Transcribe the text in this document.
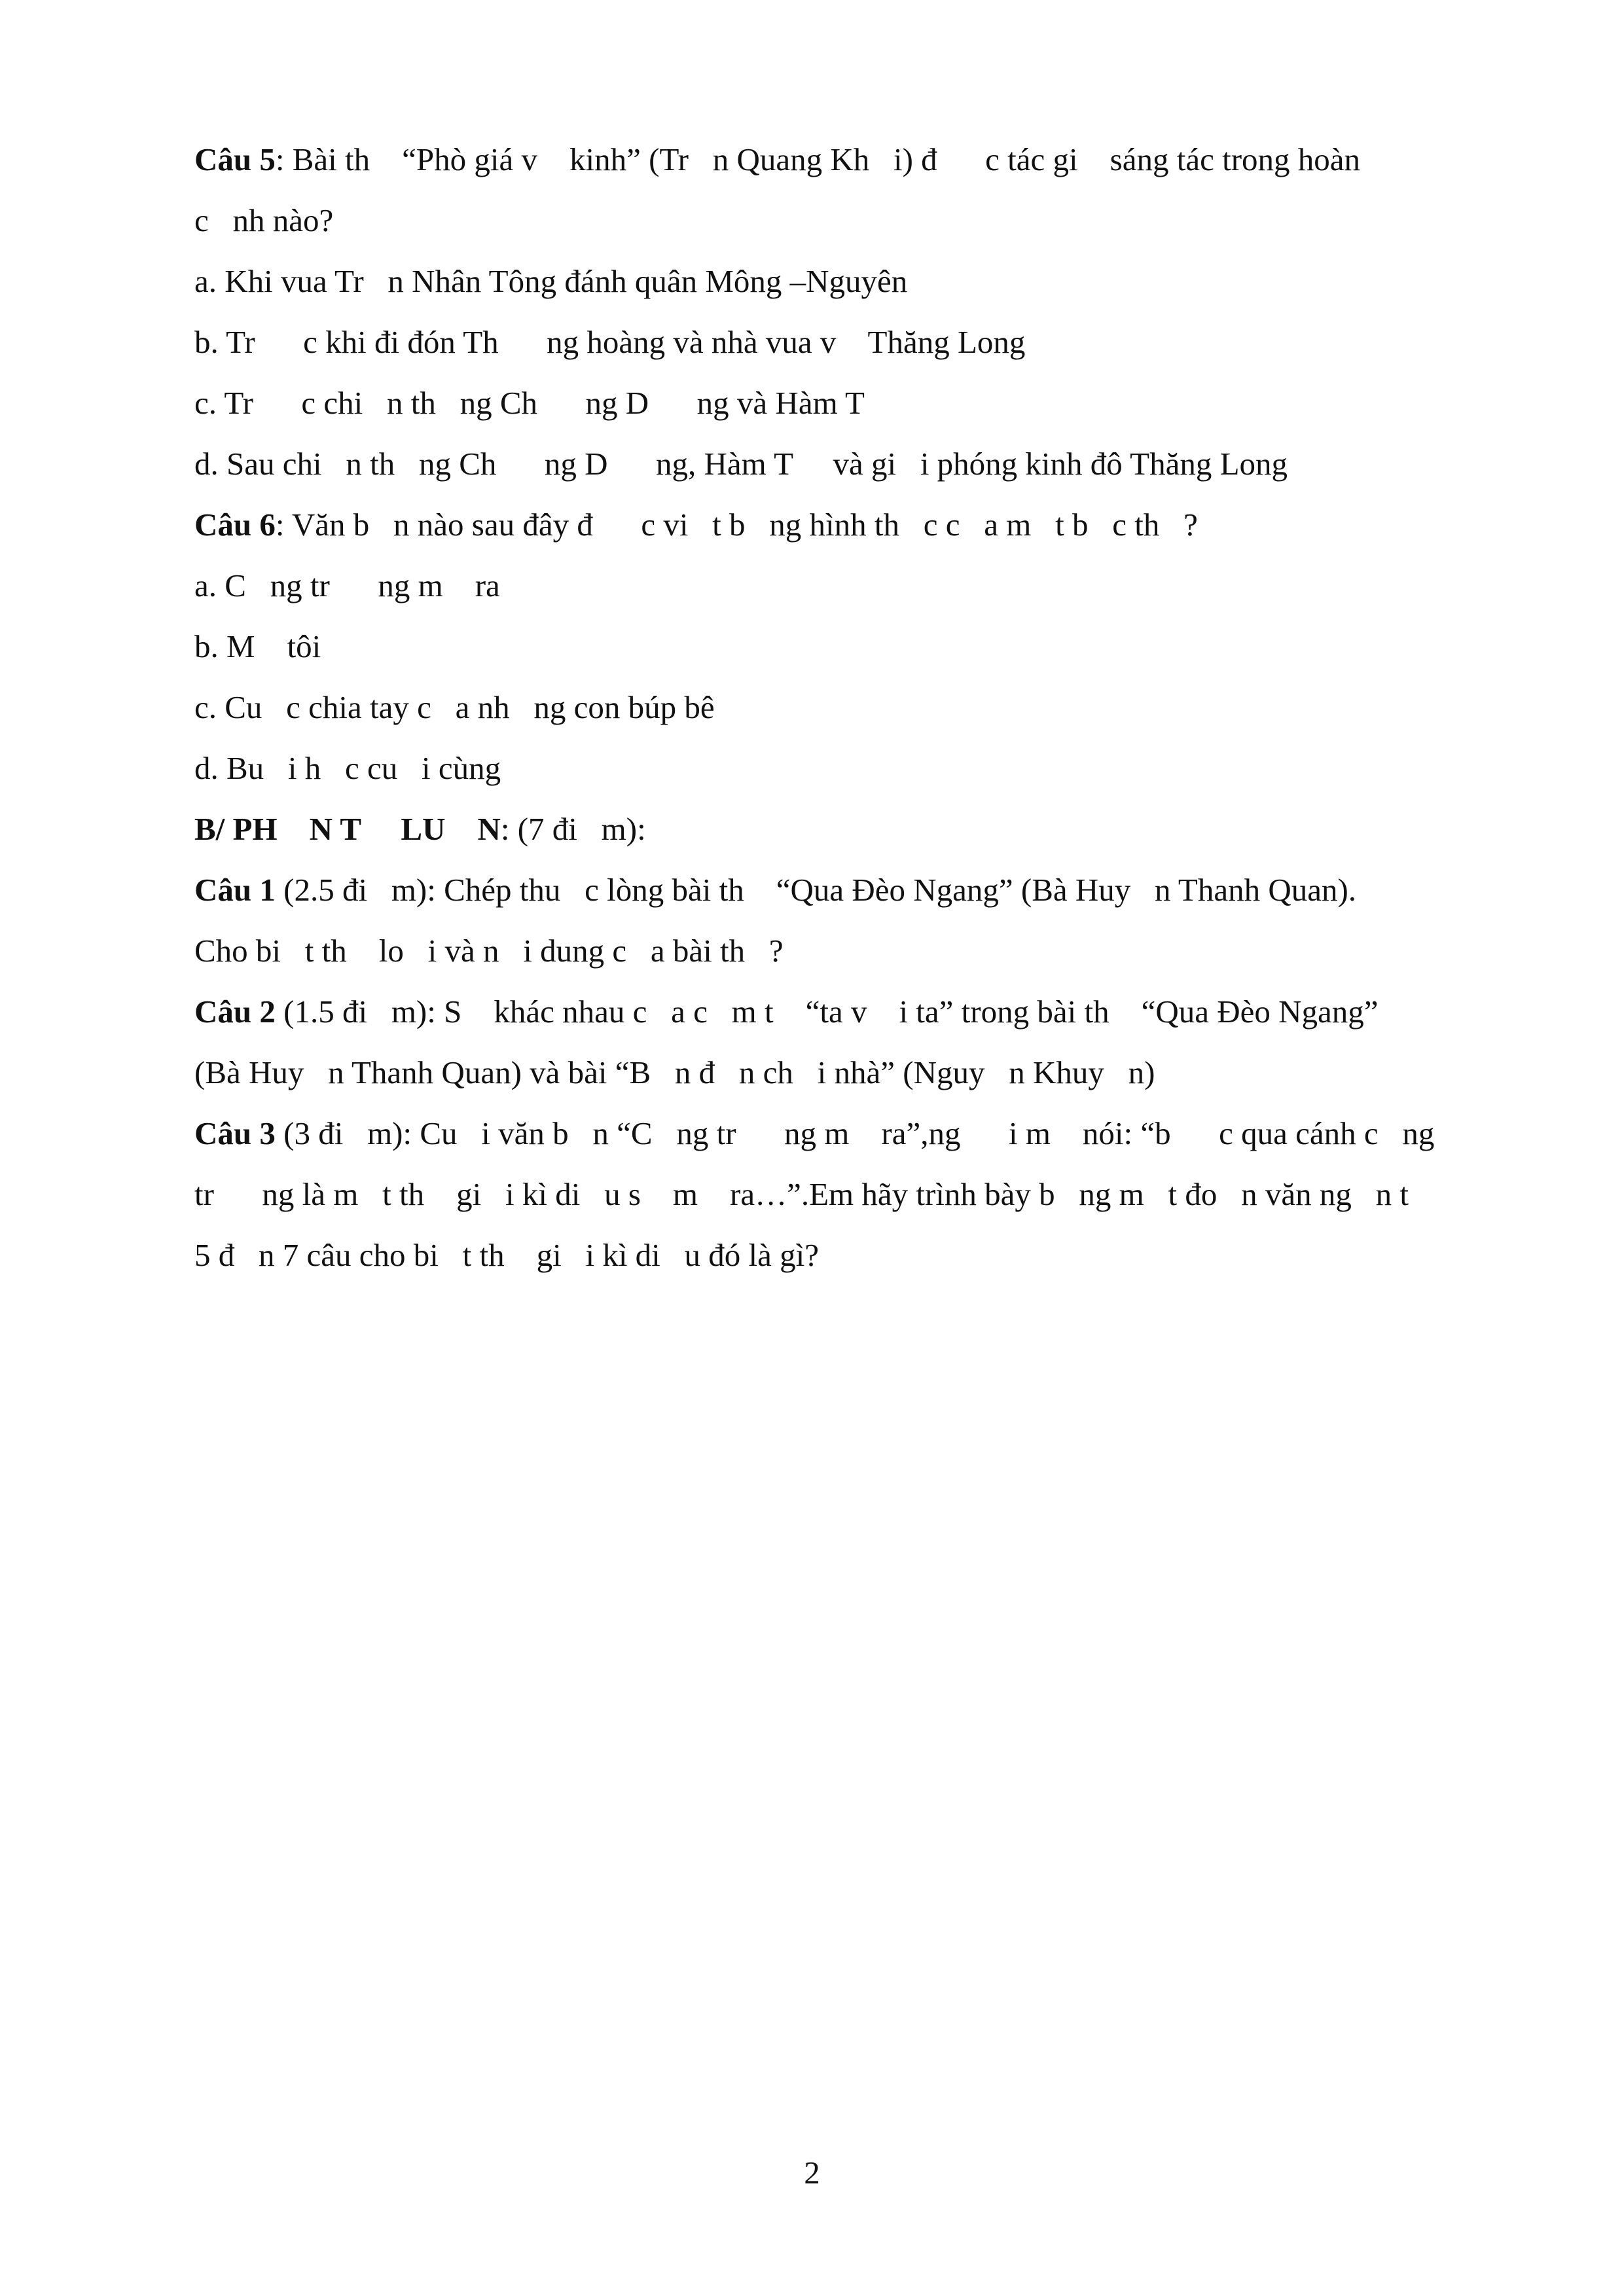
Câu 5: Bài th    “Phò giá v    kinh” (Tr   n Quang Kh   i) đ      c tác gi    sáng tác trong hoàn
c   nh nào?
a. Khi vua Tr   n Nhân Tông đánh quân Mông –Nguyên
b. Tr      c khi đi đón Th      ng hoàng và nhà vua v    Thăng Long
c. Tr      c chi   n th   ng Ch      ng D      ng và Hàm T
d. Sau chi   n th   ng Ch      ng D      ng, Hàm T     và gi   i phóng kinh đô Thăng Long
Câu 6: Văn b   n nào sau đây đ      c vi   t b   ng hình th   c c   a m   t b   c th   ?
a. C   ng tr      ng m    ra
b. M    tôi
c. Cu   c chia tay c   a nh   ng con búp bê
d. Bu   i h   c cu   i cùng
B/ PH    N T     LU    N: (7 đi   m):
Câu 1 (2.5 đi   m): Chép thu   c lòng bài th    “Qua Đèo Ngang” (Bà Huy   n Thanh Quan).
Cho bi   t th    lo   i và n   i dung c   a bài th   ?
Câu 2 (1.5 đi   m): S    khác nhau c   a c   m t    “ta v    i ta” trong bài th    “Qua Đèo Ngang”
(Bà Huy   n Thanh Quan) và bài “B   n đ   n ch   i nhà” (Nguy   n Khuy   n)
Câu 3 (3 đi   m): Cu   i văn b   n “C   ng tr      ng m    ra”,ng      i m    nói: “b      c qua cánh c   ng
tr      ng là m   t th    gi   i kì di   u s    m    ra…”.Em hãy trình bày b   ng m   t đo   n văn ng   n t
5 đ   n 7 câu cho bi   t th    gi   i kì di   u đó là gì?
2
